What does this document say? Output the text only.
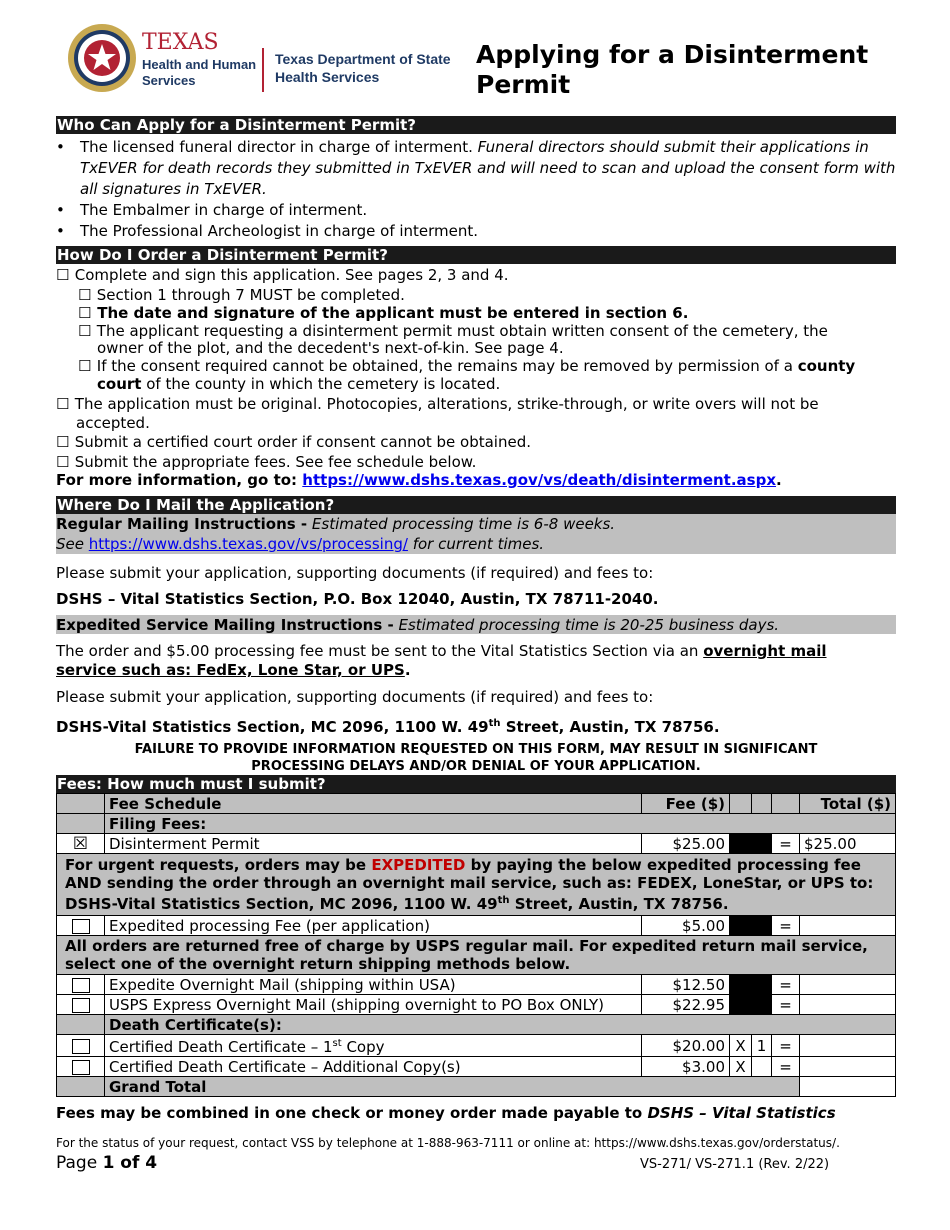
TEXAS
Health and Human
Services
Texas Department of State
Health Services
Applying for a Disinterment
Permit
Who Can Apply for a Disinterment Permit?
• The licensed funeral director in charge of interment. Funeral directors should submit their applications in TxEVER for death records they submitted in TxEVER and will need to scan and upload the consent form with all signatures in TxEVER.
• The Embalmer in charge of interment.
• The Professional Archeologist in charge of interment.
How Do I Order a Disinterment Permit?
☐ Complete and sign this application. See pages 2, 3 and 4.
☐ Section 1 through 7 MUST be completed.
☐ The date and signature of the applicant must be entered in section 6.
☐ The applicant requesting a disinterment permit must obtain written consent of the cemetery, the
owner of the plot, and the decedent's next-of-kin. See page 4.
☐ If the consent required cannot be obtained, the remains may be removed by permission of a county
court of the county in which the cemetery is located.
☐ The application must be original. Photocopies, alterations, strike-through, or write overs will not be
accepted.
☐ Submit a certified court order if consent cannot be obtained.
☐ Submit the appropriate fees. See fee schedule below.
For more information, go to: https://www.dshs.texas.gov/vs/death/disinterment.aspx.
Where Do I Mail the Application?
Regular Mailing Instructions - Estimated processing time is 6-8 weeks.
See https://www.dshs.texas.gov/vs/processing/ for current times.
Please submit your application, supporting documents (if required) and fees to:
DSHS – Vital Statistics Section, P.O. Box 12040, Austin, TX 78711-2040.
Expedited Service Mailing Instructions - Estimated processing time is 20-25 business days.
The order and $5.00 processing fee must be sent to the Vital Statistics Section via an overnight mail
service such as: FedEx, Lone Star, or UPS.
Please submit your application, supporting documents (if required) and fees to:
DSHS-Vital Statistics Section, MC 2096, 1100 W. 49th Street, Austin, TX 78756.
FAILURE TO PROVIDE INFORMATION REQUESTED ON THIS FORM, MAY RESULT IN SIGNIFICANT
PROCESSING DELAYS AND/OR DENIAL OF YOUR APPLICATION.
Fees: How much must I submit?
	Fee Schedule	Fee ($)				Total ($)
	Filing Fees:					
☒	Disinterment Permit	$25.00			=	$25.00
For urgent requests, orders may be EXPEDITED by paying the below expedited processing fee AND sending the order through an overnight mail service, such as: FEDEX, LoneStar, or UPS to: DSHS-Vital Statistics Section, MC 2096, 1100 W. 49th Street, Austin, TX 78756.						
	Expedited processing Fee (per application)	$5.00			=	
All orders are returned free of charge by USPS regular mail. For expedited return mail service, select one of the overnight return shipping methods below.						
	Expedite Overnight Mail (shipping within USA)	$12.50			=	
	USPS Express Overnight Mail (shipping overnight to PO Box ONLY)	$22.95			=	
	Death Certificate(s):					
	Certified Death Certificate – 1st Copy	$20.00	X	1	=	
	Certified Death Certificate – Additional Copy(s)	$3.00	X		=	
	Grand Total					
Fees may be combined in one check or money order made payable to DSHS – Vital Statistics
For the status of your request, contact VSS by telephone at 1-888-963-7111 or online at: https://www.dshs.texas.gov/orderstatus/.
Page 1 of 4	VS-271/ VS-271.1 (Rev. 2/22)
